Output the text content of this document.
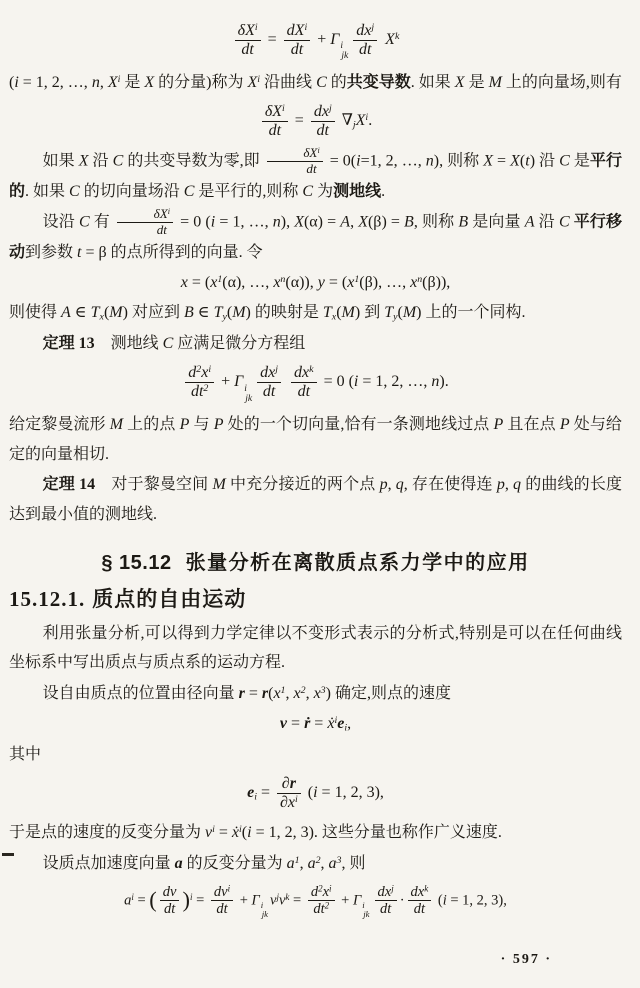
$\frac{\delta X^i}{dt} = \frac{dX^i}{dt} + \Gamma$ i
jk $\frac{dx^j}{dt} X^k$
(i = 1, 2, …, n, $X^i$ 是 X 的分量)称为 $X^i$ 沿曲线 C 的共变导数. 如果 X 是 M 上的向量场,则有
$\frac{\delta X^i}{dt} = \frac{dx^j}{dt} \nabla_jX^i$.
如果 X 沿 C 的共变导数为零,即 $\frac{\delta X^i}{dt} = 0(i=1$, 2, …, n), 则称 X = X(t) 沿 C 是平行的. 如果 C 的切向量场沿 C 是平行的,则称 C 为测地线.
设沿 C 有 $\frac{\delta X^i}{dt} = 0$ (i = 1, …, n), X(α) = A, X(β) = B, 则称 B 是向量 A 沿 C 平行移动到参数 t = β 的点所得到的向量. 令
$x = (x^1(\alpha)$, …, $x^n(\alpha)$), $y = (x^1(\beta)$, …, $x^n(\beta)$),
则使得 A ∈ $T_x(M)$ 对应到 B ∈ $T_y(M)$ 的映射是 $T_x(M)$ 到 $T_y(M)$ 上的一个同构.
定理 13　测地线 C 应满足微分方程组
$\frac{d^2x^i}{dt^2} + \Gamma$ i
jk $\frac{dx^j}{dt} \frac{dx^k}{dt} = 0$ (i = 1, 2, …, n).
给定黎曼流形 M 上的点 P 与 P 处的一个切向量,恰有一条测地线过点 P 且在点 P 处与给定的向量相切.
定理 14　对于黎曼空间 M 中充分接近的两个点 p, q, 存在使得连 p, q 的曲线的长度达到最小值的测地线.
§ 15.12 张量分析在离散质点系力学中的应用
15.12.1. 质点的自由运动
利用张量分析,可以得到力学定律以不变形式表示的分析式,特别是可以在任何曲线坐标系中写出质点与质点系的运动方程.
设自由质点的位置由径向量 $r = r(x^1$, $x^2$, $x^3$) 确定,则点的速度
v = ṙ = $ẋ^ie_i$,
其中
$e_i = \frac{\partial r}{\partial x^i} (i = 1$, 2, 3),
于是点的速度的反变分量为 $v^i$ = ẋ$^i$(i = 1, 2, 3). 这些分量也称作广义速度.
设质点加速度向量 a 的反变分量为 $a^1$, $a^2$, $a^3$, 则
$a^i$ = ( $\frac{dv}{dt} )^i = \frac{dv^i}{dt} + \Gamma$ i
jk
$v^jv^k = \frac{d^2x^i}{dt^2} + \Gamma$ i
jk $\frac{dx^j}{dt} \cdot \frac{dx^k}{dt} (i = 1$, 2, 3),
· 597 ·
